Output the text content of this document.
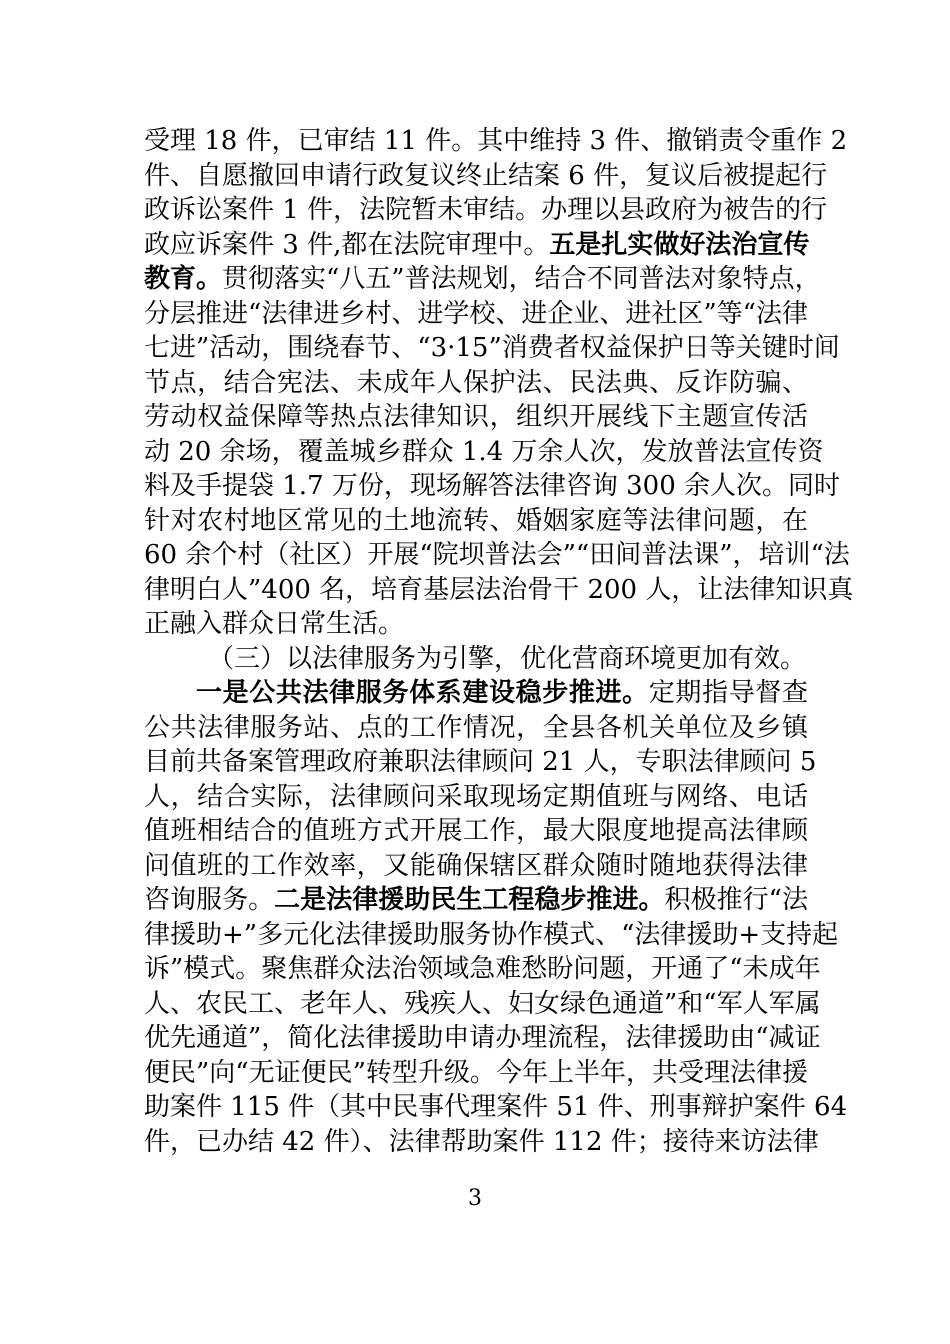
受理 18 件，已审结 11 件。其中维持 3 件、撤销责令重作 2
件、自愿撤回申请行政复议终止结案 6 件，复议后被提起行
政诉讼案件 1 件，法院暂未审结。办理以县政府为被告的行
政应诉案件 3 件,都在法院审理中。五是扎实做好法治宣传
教育。贯彻落实“八五”普法规划，结合不同普法对象特点，
分层推进“法律进乡村、进学校、进企业、进社区”等“法律
七进”活动，围绕春节、“3·15”消费者权益保护日等关键时间
节点，结合宪法、未成年人保护法、民法典、反诈防骗、
劳动权益保障等热点法律知识，组织开展线下主题宣传活
动 20 余场，覆盖城乡群众 1.4 万余人次，发放普法宣传资
料及手提袋 1.7 万份，现场解答法律咨询 300 余人次。同时
针对农村地区常见的土地流转、婚姻家庭等法律问题，在
60 余个村（社区）开展“院坝普法会”“田间普法课”，培训“法
律明白人”400 名，培育基层法治骨干 200 人，让法律知识真
正融入群众日常生活。
（三）以法律服务为引擎，优化营商环境更加有效。
一是公共法律服务体系建设稳步推进。定期指导督查
公共法律服务站、点的工作情况，全县各机关单位及乡镇
目前共备案管理政府兼职法律顾问 21 人，专职法律顾问 5
人，结合实际，法律顾问采取现场定期值班与网络、电话
值班相结合的值班方式开展工作，最大限度地提高法律顾
问值班的工作效率，又能确保辖区群众随时随地获得法律
咨询服务。二是法律援助民生工程稳步推进。积极推行“法
律援助+”多元化法律援助服务协作模式、“法律援助+支持起
诉”模式。聚焦群众法治领域急难愁盼问题，开通了“未成年
人、农民工、老年人、残疾人、妇女绿色通道”和“军人军属
优先通道”，简化法律援助申请办理流程，法律援助由“减证
便民”向“无证便民”转型升级。今年上半年，共受理法律援
助案件 115 件（其中民事代理案件 51 件、刑事辩护案件 64
件，已办结 42 件）、法律帮助案件 112 件；接待来访法律
3
